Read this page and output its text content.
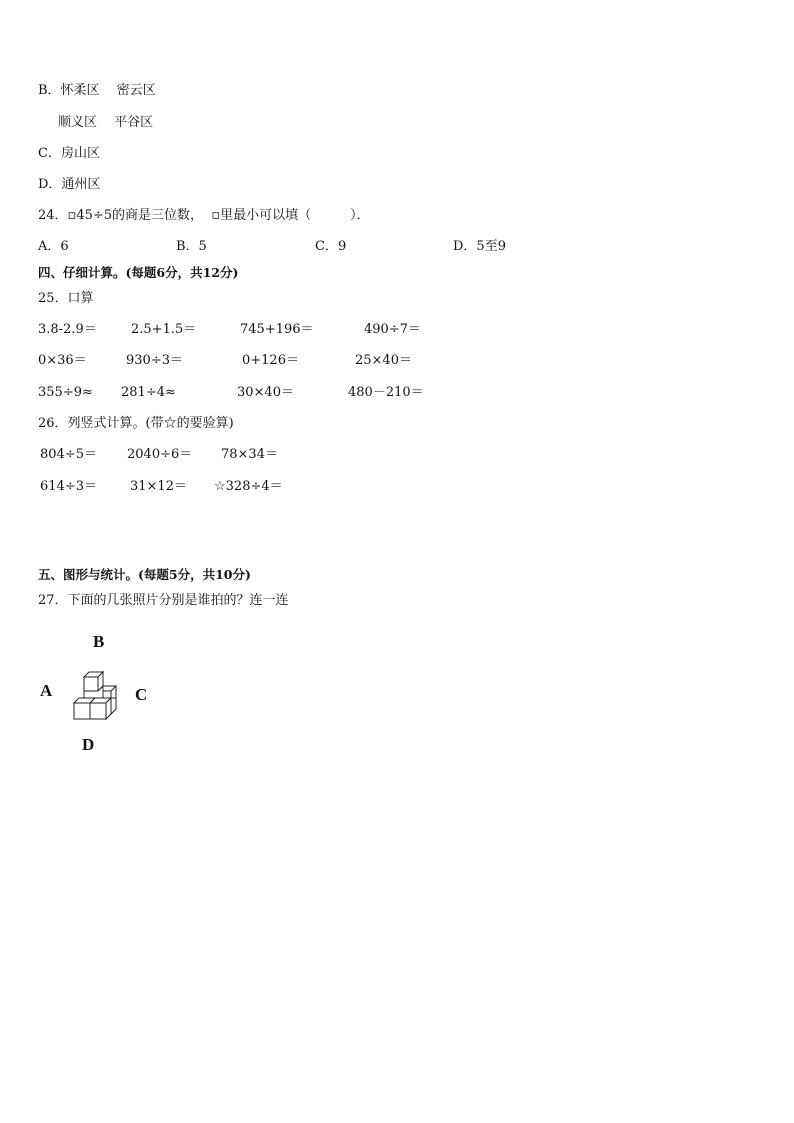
B．怀柔区　 密云区
顺义区　 平谷区
C．房山区
D．通州区
24．▫45÷5的商是三位数，  ▫里最小可以填（　　　）．
A．6	B．5	C．9	D．5至9
四、仔细计算。(每题6分，共12分)
25．口算
3.8-2.9＝	2.5+1.5＝	745+196＝	490÷7＝
0×36＝	930÷3＝	0+126＝	25×40＝
355÷9≈ 281÷4≈	30×40＝	480－210＝
26．列竖式计算。(带☆的要验算)
804÷5＝ 2040÷6＝ 78×34＝
614÷3＝	31×12＝ ☆328÷4＝
五、图形与统计。(每题5分，共10分)
27．下面的几张照片分别是谁拍的？连一连
B
A	C
D
